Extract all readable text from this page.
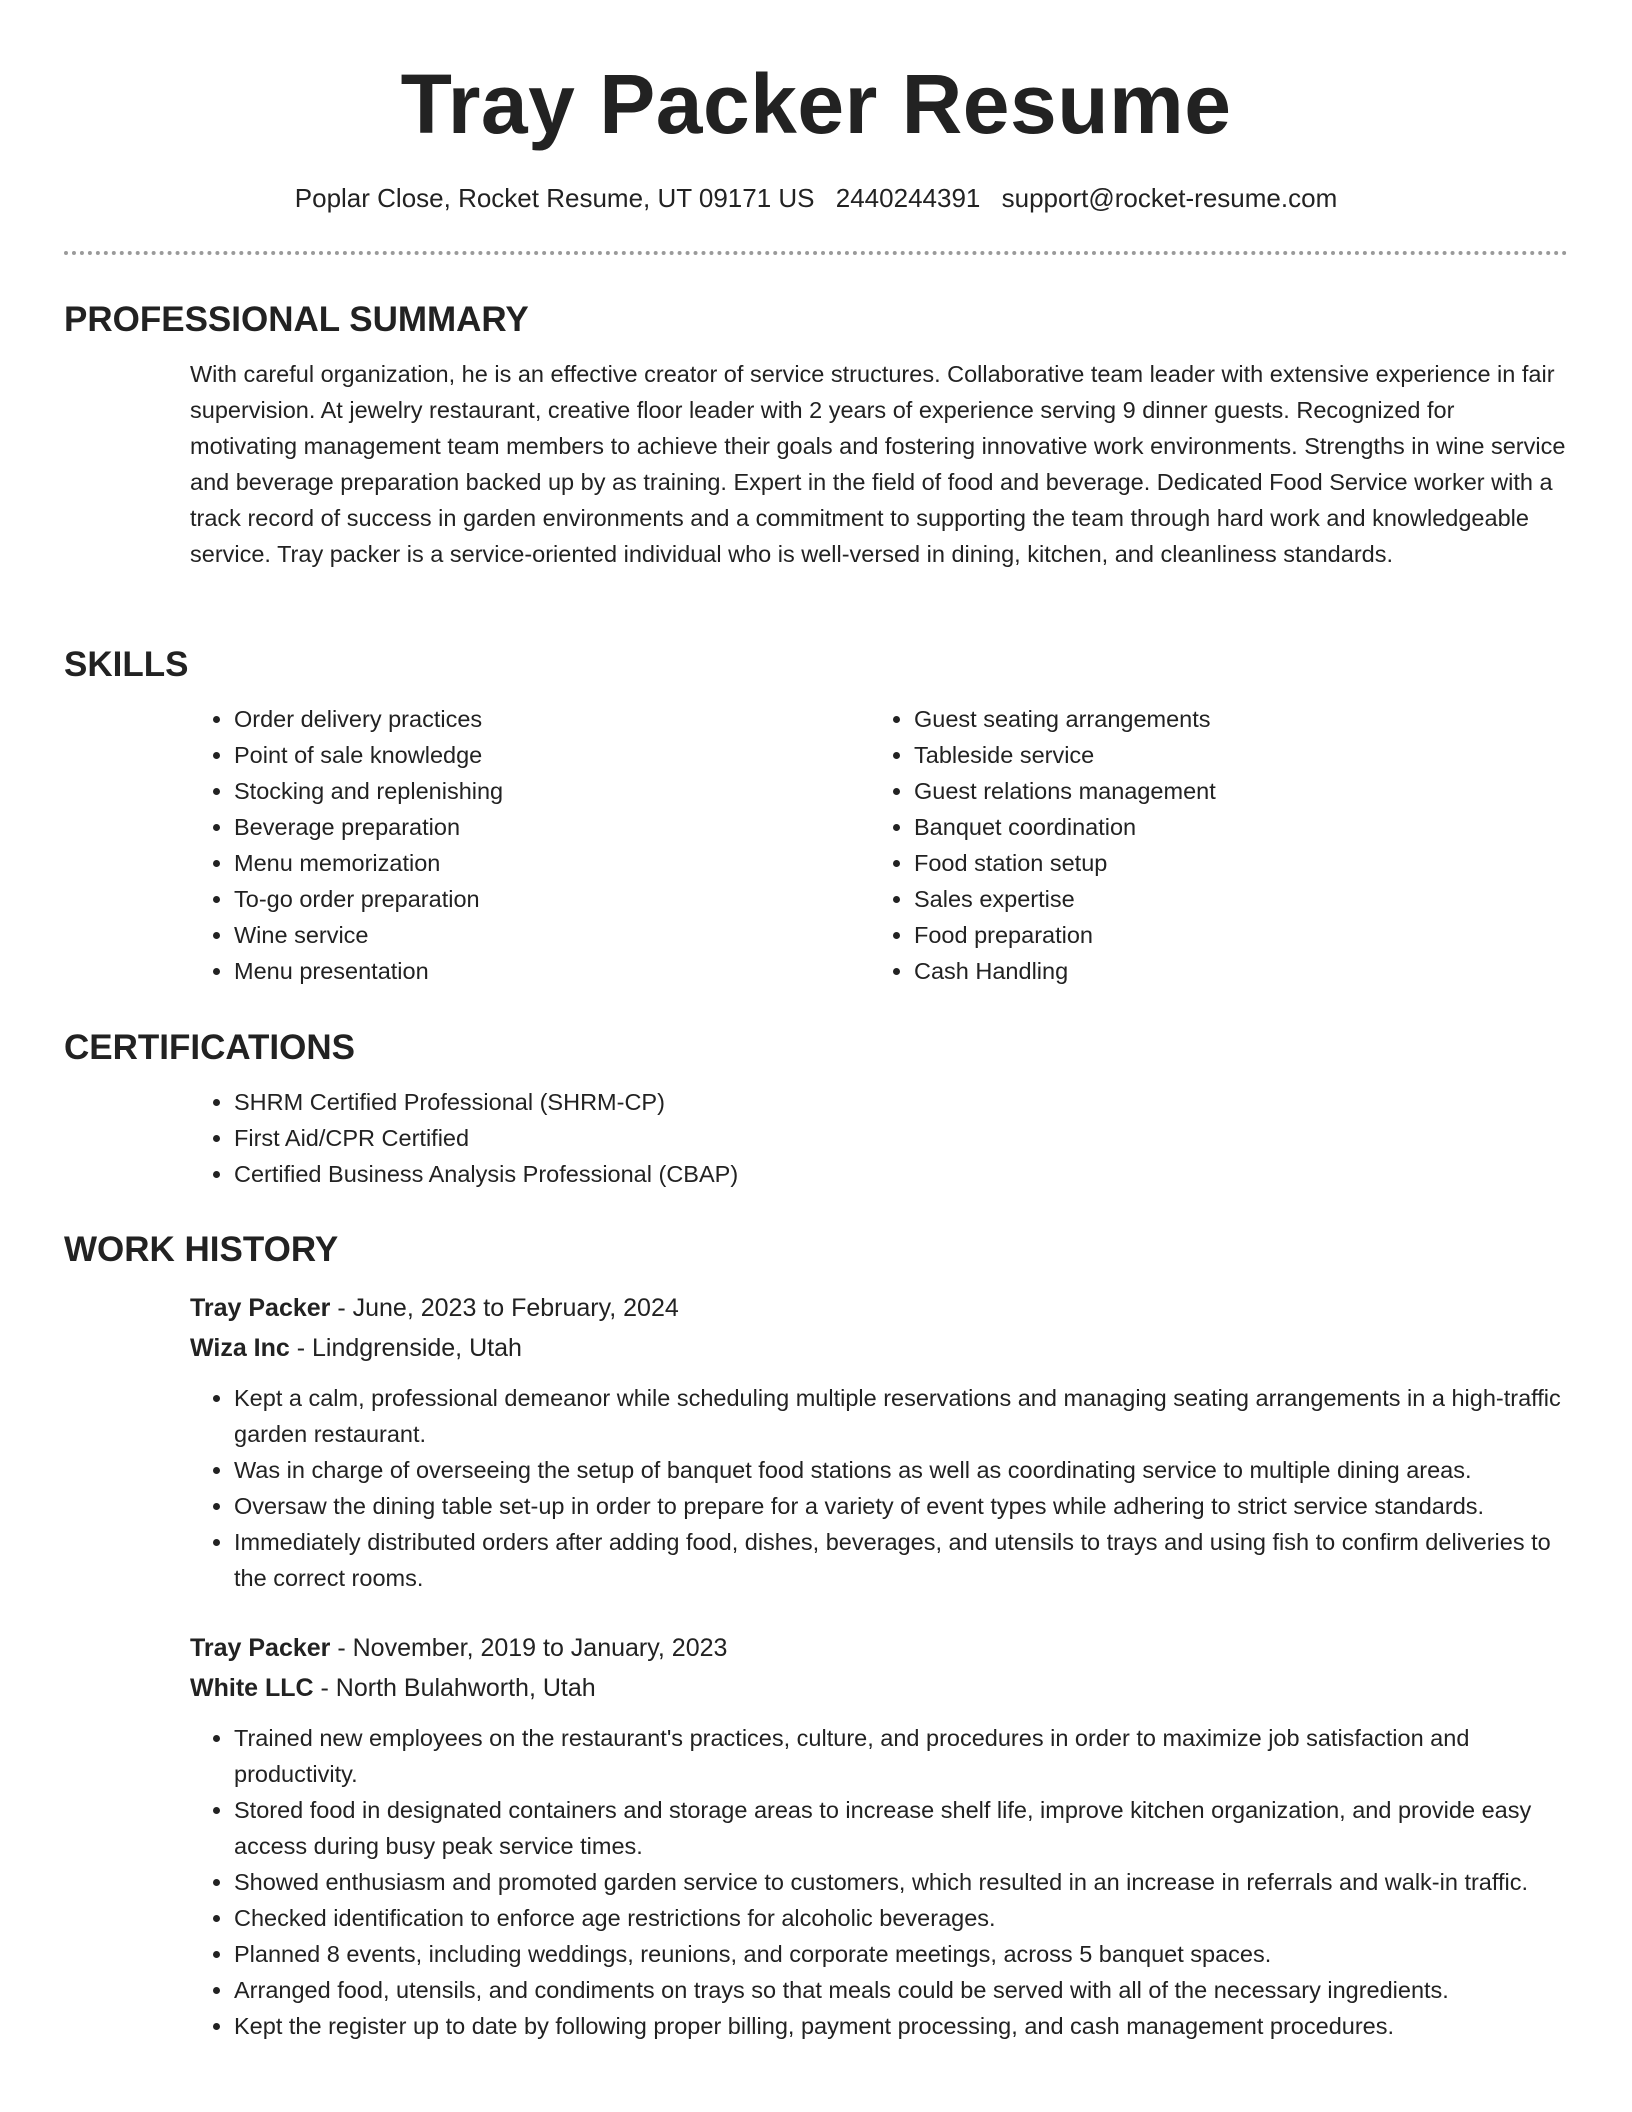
Tray Packer Resume
Poplar Close, Rocket Resume, UT 09171 US 2440244391 support@rocket-resume.com
PROFESSIONAL SUMMARY

With careful organization, he is an effective creator of service structures. Collaborative team leader with extensive experience in fair supervision. At jewelry restaurant, creative floor leader with 2 years of experience serving 9 dinner guests. Recognized for motivating management team members to achieve their goals and fostering innovative work environments. Strengths in wine service and beverage preparation backed up by as training. Expert in the field of food and beverage. Dedicated Food Service worker with a track record of success in garden environments and a commitment to supporting the team through hard work and knowledgeable service. Tray packer is a service-oriented individual who is well-versed in dining, kitchen, and cleanliness standards.

SKILLS
• Order delivery practices
• Point of sale knowledge
• Stocking and replenishing
• Beverage preparation
• Menu memorization
• To-go order preparation
• Wine service
• Menu presentation
• Guest seating arrangements
• Tableside service
• Guest relations management
• Banquet coordination
• Food station setup
• Sales expertise
• Food preparation
• Cash Handling
CERTIFICATIONS
• SHRM Certified Professional (SHRM-CP)
• First Aid/CPR Certified
• Certified Business Analysis Professional (CBAP)
WORK HISTORY
Tray Packer - June, 2023 to February, 2024
Wiza Inc - Lindgrenside, Utah
• Kept a calm, professional demeanor while scheduling multiple reservations and managing seating arrangements in a high-traffic garden restaurant.
• Was in charge of overseeing the setup of banquet food stations as well as coordinating service to multiple dining areas.
• Oversaw the dining table set-up in order to prepare for a variety of event types while adhering to strict service standards.
• Immediately distributed orders after adding food, dishes, beverages, and utensils to trays and using fish to confirm deliveries to the correct rooms.
Tray Packer - November, 2019 to January, 2023
White LLC - North Bulahworth, Utah
• Trained new employees on the restaurant's practices, culture, and procedures in order to maximize job satisfaction and productivity.
• Stored food in designated containers and storage areas to increase shelf life, improve kitchen organization, and provide easy access during busy peak service times.
• Showed enthusiasm and promoted garden service to customers, which resulted in an increase in referrals and walk-in traffic.
• Checked identification to enforce age restrictions for alcoholic beverages.
• Planned 8 events, including weddings, reunions, and corporate meetings, across 5 banquet spaces.
• Arranged food, utensils, and condiments on trays so that meals could be served with all of the necessary ingredients.
• Kept the register up to date by following proper billing, payment processing, and cash management procedures.
